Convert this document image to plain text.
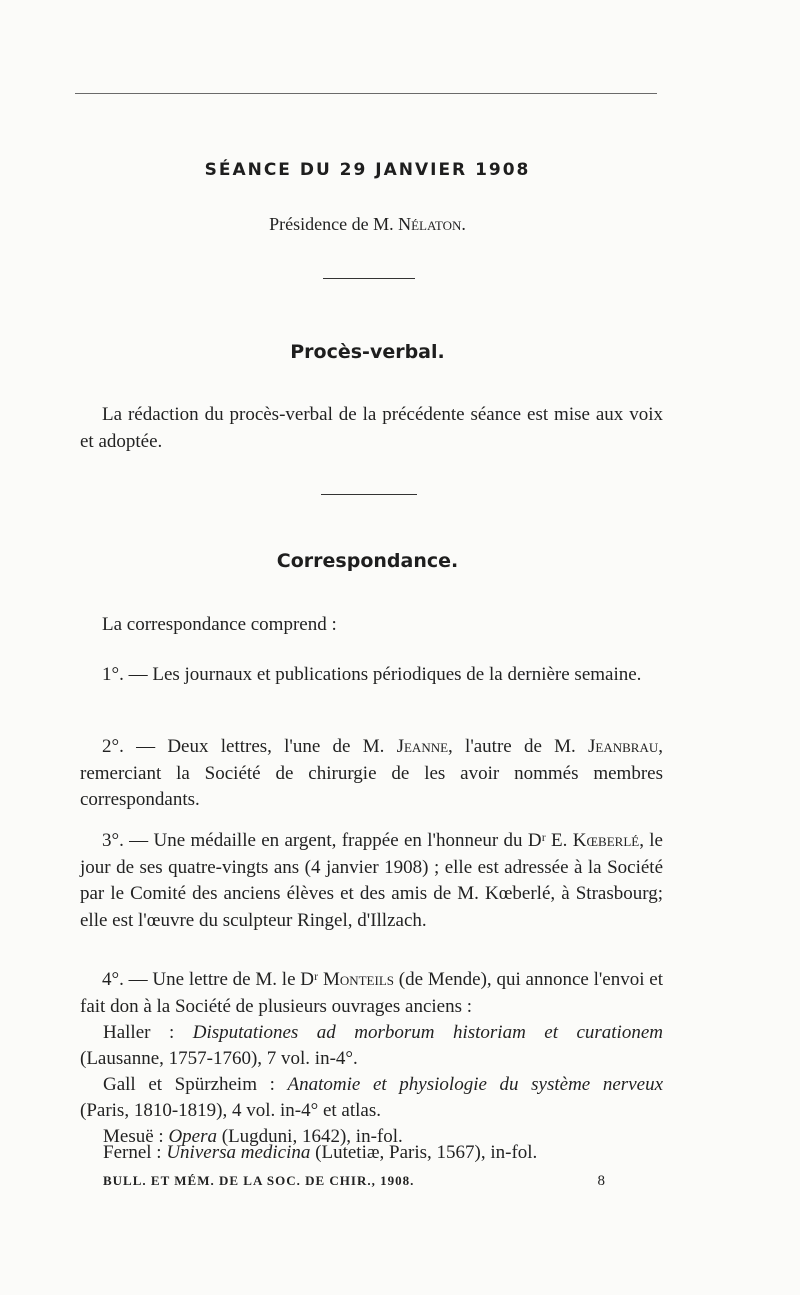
SÉANCE DU 29 JANVIER 1908
Présidence de M. Nélaton.
Procès-verbal.

La rédaction du procès-verbal de la précédente séance est mise aux voix et adoptée.

Correspondance.

La correspondance comprend :

1°. — Les journaux et publications périodiques de la dernière semaine.

2°. — Deux lettres, l'une de M. Jeanne, l'autre de M. Jeanbrau, remerciant la Société de chirurgie de les avoir nommés membres correspondants.

3°. — Une médaille en argent, frappée en l'honneur du Dʳ E. Kœberlé, le jour de ses quatre-vingts ans (4 janvier 1908) ; elle est adressée à la Société par le Comité des anciens élèves et des amis de M. Kœberlé, à Strasbourg; elle est l'œuvre du sculpteur Ringel, d'Illzach.

4°. — Une lettre de M. le Dʳ Monteils (de Mende), qui annonce l'envoi et fait don à la Société de plusieurs ouvrages anciens :

Haller : Disputationes ad morborum historiam et curationem
(Lausanne, 1757-1760), 7 vol. in-4°.
Gall et Spürzheim : Anatomie et physiologie du système nerveux
(Paris, 1810-1819), 4 vol. in-4° et atlas.
Mesuë : Opera (Lugduni, 1642), in-fol.
Fernel : Universa medicina (Lutetiæ, Paris, 1567), in-fol.
BULL. ET MÉM. DE LA SOC. DE CHIR., 1908.	8
